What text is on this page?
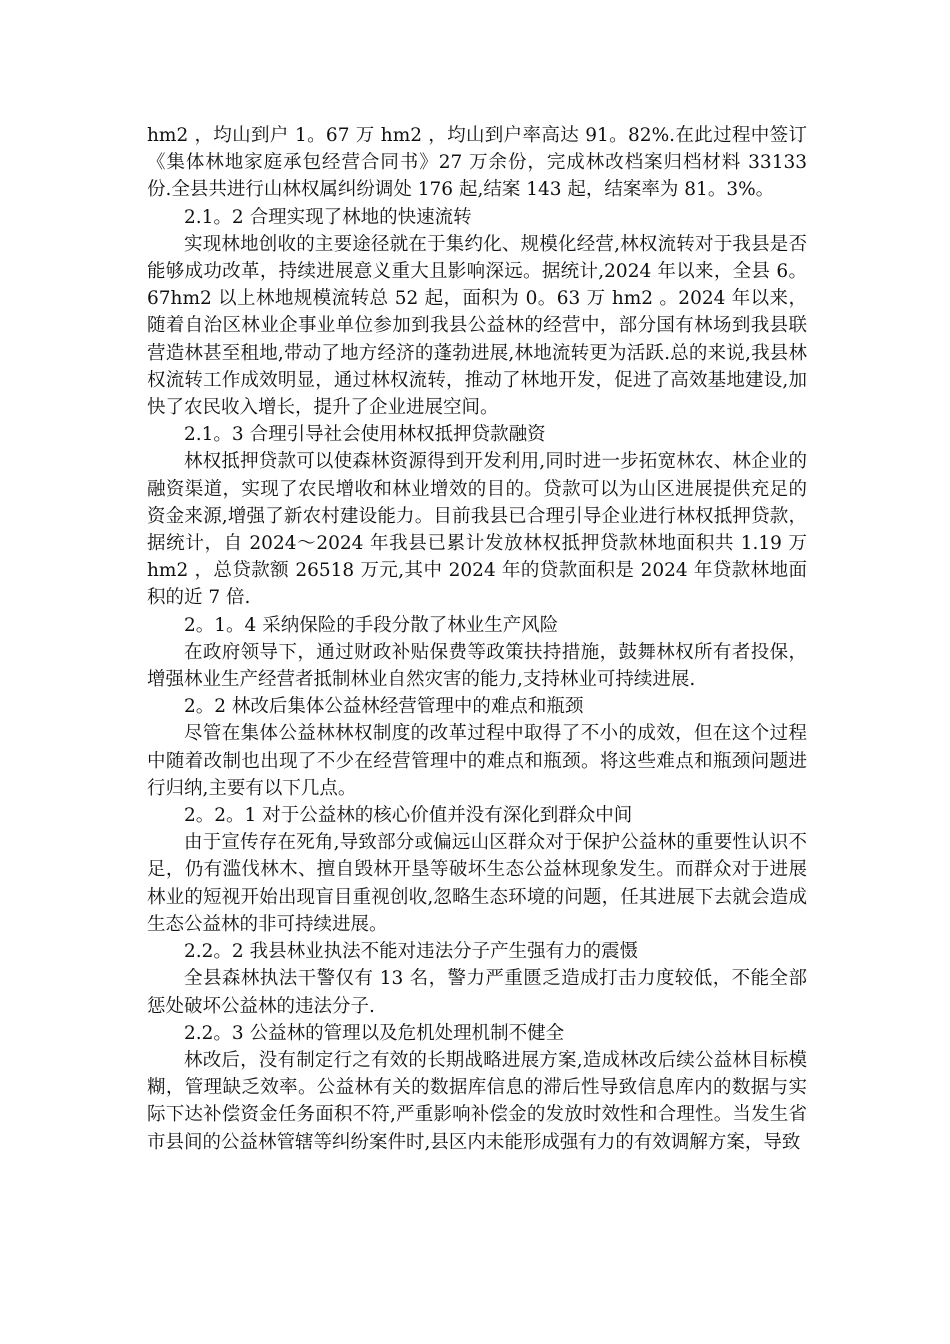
hm2 ，均山到户 1。67 万 hm2 ，均山到户率高达 91。82%.在此过程中签订《集体林地家庭承包经营合同书》27 万余份，完成林改档案归档材料 33133 份.全县共进行山林权属纠纷调处 176 起,结案 143 起，结案率为 81。3%。

2.1。2 合理实现了林地的快速流转

实现林地创收的主要途径就在于集约化、规模化经营,林权流转对于我县是否能够成功改革，持续进展意义重大且影响深远。据统计,2024 年以来，全县 6。67hm2 以上林地规模流转总 52 起，面积为 0。63 万 hm2 。2024 年以来，随着自治区林业企事业单位参加到我县公益林的经营中，部分国有林场到我县联营造林甚至租地,带动了地方经济的蓬勃进展,林地流转更为活跃.总的来说,我县林权流转工作成效明显，通过林权流转，推动了林地开发，促进了高效基地建设,加快了农民收入增长，提升了企业进展空间。

2.1。3 合理引导社会使用林权抵押贷款融资

林权抵押贷款可以使森林资源得到开发利用,同时进一步拓宽林农、林企业的融资渠道，实现了农民增收和林业增效的目的。贷款可以为山区进展提供充足的资金来源,增强了新农村建设能力。目前我县已合理引导企业进行林权抵押贷款，据统计，自 2024～2024 年我县已累计发放林权抵押贷款林地面积共 1.19 万 hm2 ，总贷款额 26518 万元,其中 2024 年的贷款面积是 2024 年贷款林地面积的近 7 倍.

2。1。4 采纳保险的手段分散了林业生产风险

在政府领导下，通过财政补贴保费等政策扶持措施，鼓舞林权所有者投保，增强林业生产经营者抵制林业自然灾害的能力,支持林业可持续进展.

2。2 林改后集体公益林经营管理中的难点和瓶颈

尽管在集体公益林林权制度的改革过程中取得了不小的成效，但在这个过程中随着改制也出现了不少在经营管理中的难点和瓶颈。将这些难点和瓶颈问题进行归纳,主要有以下几点。

2。2。1 对于公益林的核心价值并没有深化到群众中间

由于宣传存在死角,导致部分或偏远山区群众对于保护公益林的重要性认识不足，仍有滥伐林木、擅自毁林开垦等破坏生态公益林现象发生。而群众对于进展林业的短视开始出现盲目重视创收,忽略生态环境的问题，任其进展下去就会造成生态公益林的非可持续进展。

2.2。2 我县林业执法不能对违法分子产生强有力的震慑

全县森林执法干警仅有 13 名，警力严重匮乏造成打击力度较低，不能全部惩处破坏公益林的违法分子.

2.2。3 公益林的管理以及危机处理机制不健全

林改后，没有制定行之有效的长期战略进展方案,造成林改后续公益林目标模糊，管理缺乏效率。公益林有关的数据库信息的滞后性导致信息库内的数据与实际下达补偿资金任务面积不符,严重影响补偿金的发放时效性和合理性。当发生省市县间的公益林管辖等纠纷案件时,县区内未能形成强有力的有效调解方案，导致
